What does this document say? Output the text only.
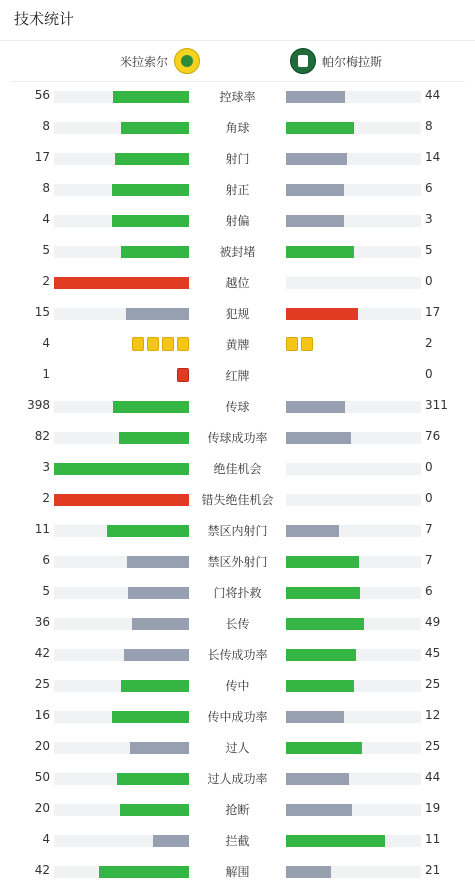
技术统计
米拉索尔	帕尔梅拉斯
56	控球率	44
8	角球	8
17	射门	14
8	射正	6
4	射偏	3
5	被封堵	5
2	越位	0
15	犯规	17
4	黄牌	2
1	红牌	0
398	传球	311
82	传球成功率	76
3	绝佳机会	0
2	错失绝佳机会	0
11	禁区内射门	7
6	禁区外射门	7
5	门将扑救	6
36	长传	49
42	长传成功率	45
25	传中	25
16	传中成功率	12
20	过人	25
50	过人成功率	44
20	抢断	19
4	拦截	11
42	解围	21
